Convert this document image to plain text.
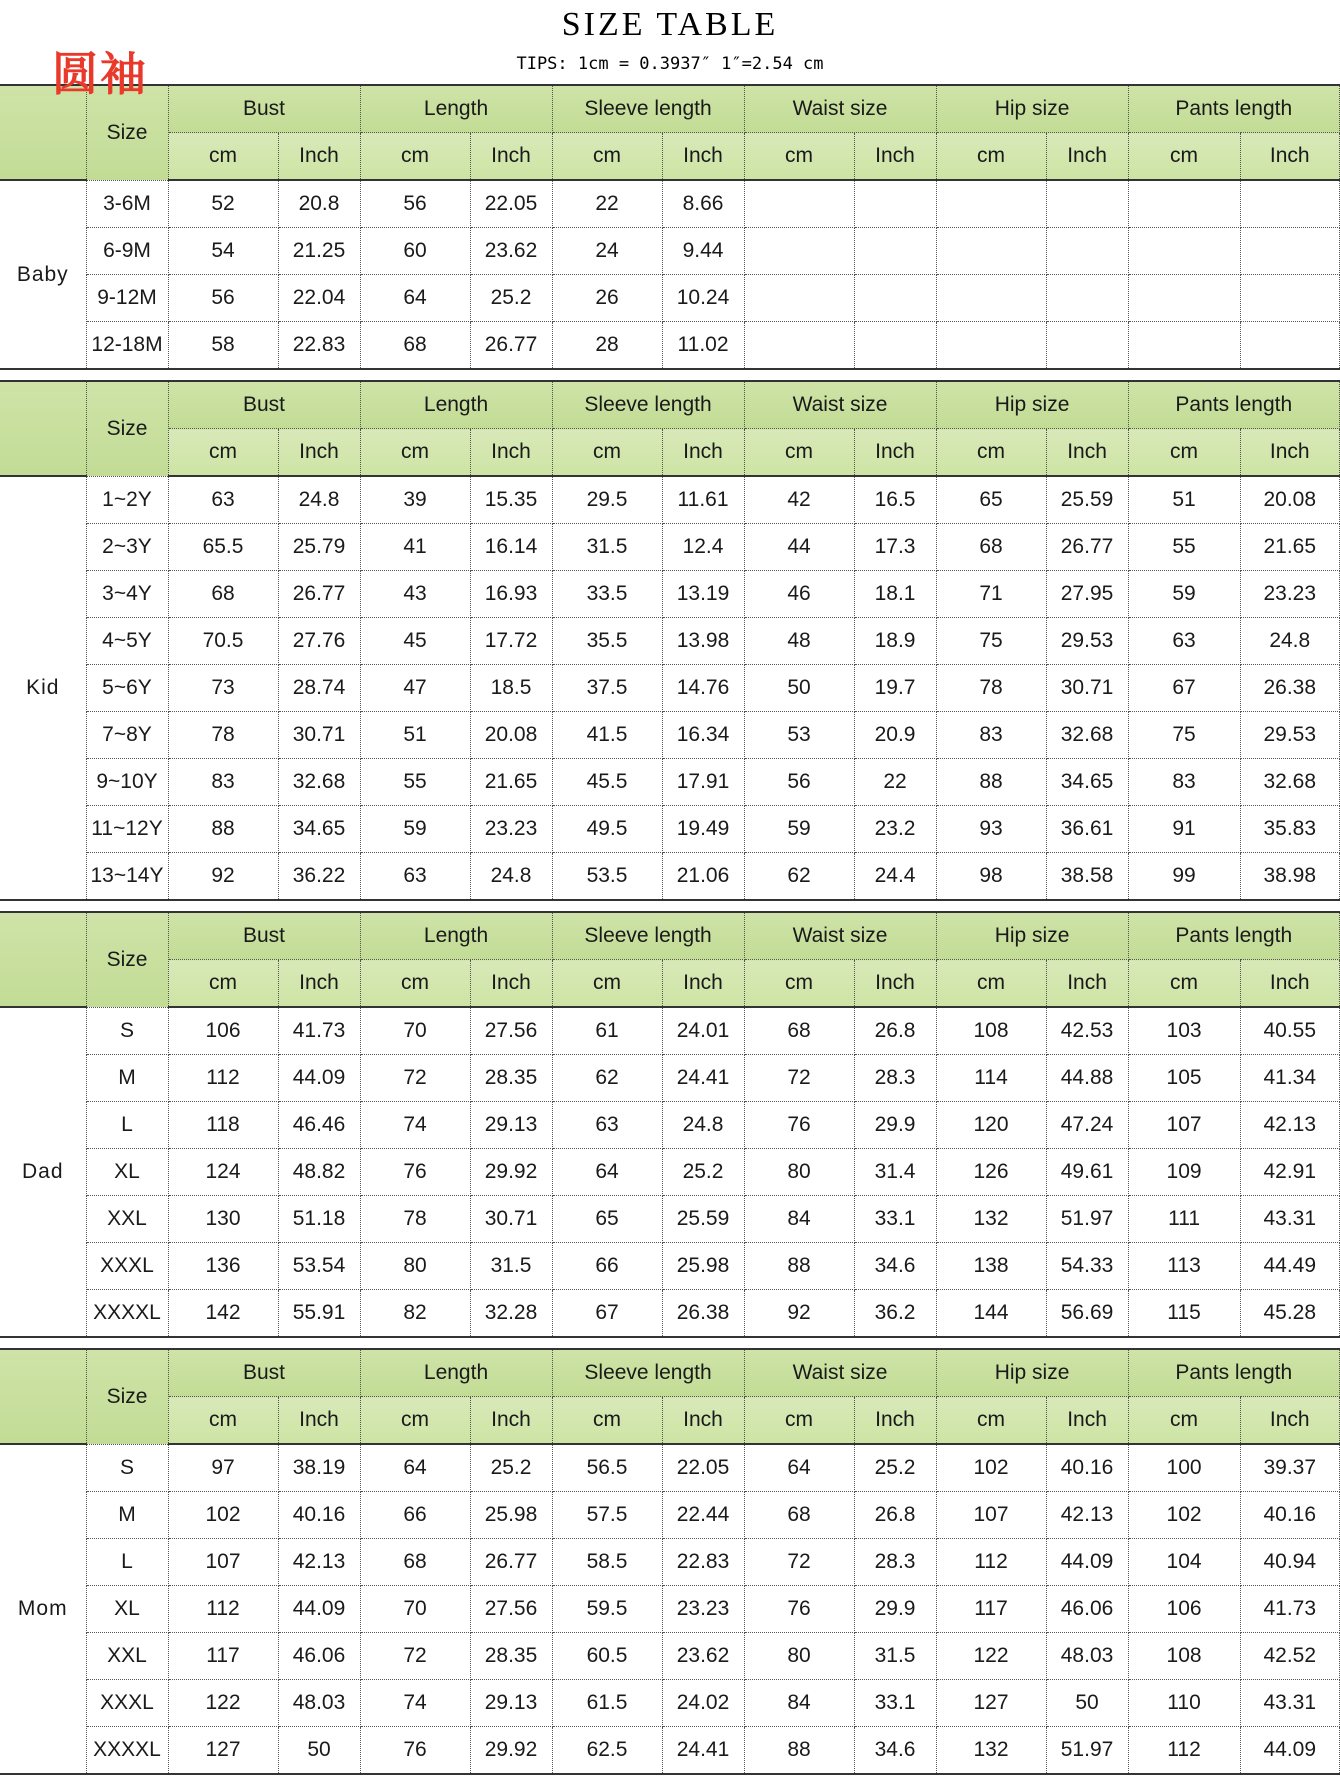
SIZE TABLE
圆袖	TIPS: 1cm = 0.3937″ 1″=2.54 cm
	Size	Bust		Length		Sleeve length		Waist size		Hip size		Pants length	
		cm	Inch	cm	Inch	cm	Inch	cm	Inch	cm	Inch	cm	Inch
Baby	3-6M	52	20.8	56	22.05	22	8.66						
	6-9M	54	21.25	60	23.62	24	9.44						
	9-12M	56	22.04	64	25.2	26	10.24						
	12-18M	58	22.83	68	26.77	28	11.02						
	Size	Bust		Length		Sleeve length		Waist size		Hip size		Pants length	
		cm	Inch	cm	Inch	cm	Inch	cm	Inch	cm	Inch	cm	Inch
Kid	1~2Y	63	24.8	39	15.35	29.5	11.61	42	16.5	65	25.59	51	20.08
	2~3Y	65.5	25.79	41	16.14	31.5	12.4	44	17.3	68	26.77	55	21.65
	3~4Y	68	26.77	43	16.93	33.5	13.19	46	18.1	71	27.95	59	23.23
	4~5Y	70.5	27.76	45	17.72	35.5	13.98	48	18.9	75	29.53	63	24.8
	5~6Y	73	28.74	47	18.5	37.5	14.76	50	19.7	78	30.71	67	26.38
	7~8Y	78	30.71	51	20.08	41.5	16.34	53	20.9	83	32.68	75	29.53
	9~10Y	83	32.68	55	21.65	45.5	17.91	56	22	88	34.65	83	32.68
	11~12Y	88	34.65	59	23.23	49.5	19.49	59	23.2	93	36.61	91	35.83
	13~14Y	92	36.22	63	24.8	53.5	21.06	62	24.4	98	38.58	99	38.98
	Size	Bust		Length		Sleeve length		Waist size		Hip size		Pants length	
		cm	Inch	cm	Inch	cm	Inch	cm	Inch	cm	Inch	cm	Inch
Dad	S	106	41.73	70	27.56	61	24.01	68	26.8	108	42.53	103	40.55
	M	112	44.09	72	28.35	62	24.41	72	28.3	114	44.88	105	41.34
	L	118	46.46	74	29.13	63	24.8	76	29.9	120	47.24	107	42.13
	XL	124	48.82	76	29.92	64	25.2	80	31.4	126	49.61	109	42.91
	XXL	130	51.18	78	30.71	65	25.59	84	33.1	132	51.97	111	43.31
	XXXL	136	53.54	80	31.5	66	25.98	88	34.6	138	54.33	113	44.49
	XXXXL	142	55.91	82	32.28	67	26.38	92	36.2	144	56.69	115	45.28
	Size	Bust		Length		Sleeve length		Waist size		Hip size		Pants length	
		cm	Inch	cm	Inch	cm	Inch	cm	Inch	cm	Inch	cm	Inch
Mom	S	97	38.19	64	25.2	56.5	22.05	64	25.2	102	40.16	100	39.37
	M	102	40.16	66	25.98	57.5	22.44	68	26.8	107	42.13	102	40.16
	L	107	42.13	68	26.77	58.5	22.83	72	28.3	112	44.09	104	40.94
	XL	112	44.09	70	27.56	59.5	23.23	76	29.9	117	46.06	106	41.73
	XXL	117	46.06	72	28.35	60.5	23.62	80	31.5	122	48.03	108	42.52
	XXXL	122	48.03	74	29.13	61.5	24.02	84	33.1	127	50	110	43.31
	XXXXL	127	50	76	29.92	62.5	24.41	88	34.6	132	51.97	112	44.09
